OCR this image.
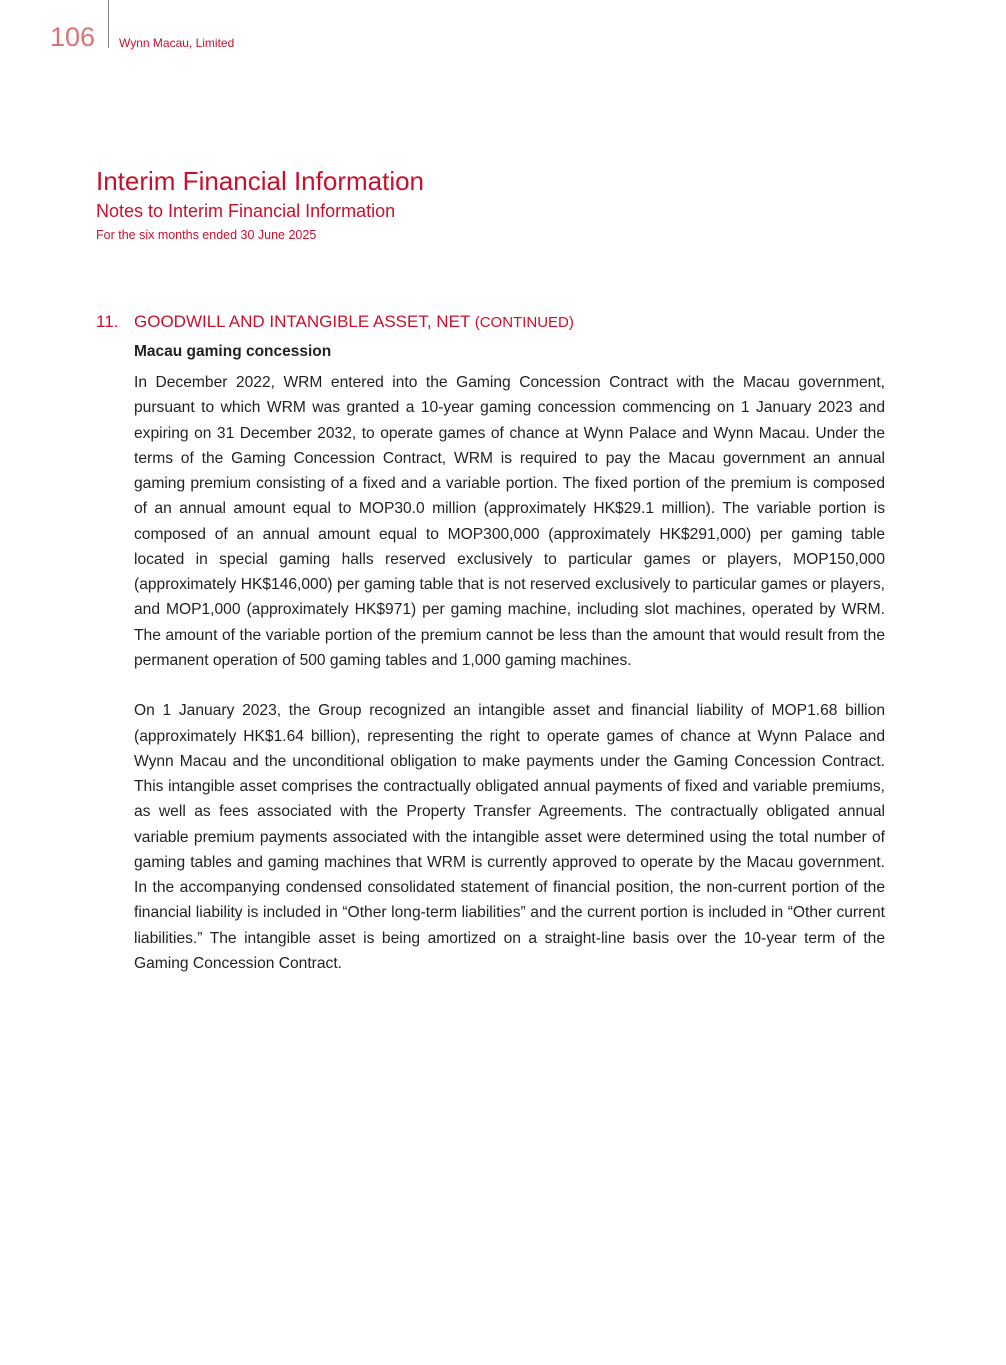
106 Wynn Macau, Limited
Interim Financial Information
Notes to Interim Financial Information
For the six months ended 30 June 2025
11. GOODWILL AND INTANGIBLE ASSET, NET (CONTINUED)
Macau gaming concession

In December 2022, WRM entered into the Gaming Concession Contract with the Macau government, pursuant to which WRM was granted a 10-year gaming concession commencing on 1 January 2023 and expiring on 31 December 2032, to operate games of chance at Wynn Palace and Wynn Macau. Under the terms of the Gaming Concession Contract, WRM is required to pay the Macau government an annual gaming premium consisting of a fixed and a variable portion. The fixed portion of the premium is composed of an annual amount equal to MOP30.0 million (approximately HK$29.1 million). The variable portion is composed of an annual amount equal to MOP300,000 (approximately HK$291,000) per gaming table located in special gaming halls reserved exclusively to particular games or players, MOP150,000 (approximately HK$146,000) per gaming table that is not reserved exclusively to particular games or players, and MOP1,000 (approximately HK$971) per gaming machine, including slot machines, operated by WRM. The amount of the variable portion of the premium cannot be less than the amount that would result from the permanent operation of 500 gaming tables and 1,000 gaming machines.

On 1 January 2023, the Group recognized an intangible asset and financial liability of MOP1.68 billion (approximately HK$1.64 billion), representing the right to operate games of chance at Wynn Palace and Wynn Macau and the unconditional obligation to make payments under the Gaming Concession Contract. This intangible asset comprises the contractually obligated annual payments of fixed and variable premiums, as well as fees associated with the Property Transfer Agreements. The contractually obligated annual variable premium payments associated with the intangible asset were determined using the total number of gaming tables and gaming machines that WRM is currently approved to operate by the Macau government. In the accompanying condensed consolidated statement of financial position, the non-current portion of the financial liability is included in “Other long-term liabilities” and the current portion is included in “Other current liabilities.” The intangible asset is being amortized on a straight-line basis over the 10-year term of the Gaming Concession Contract.
